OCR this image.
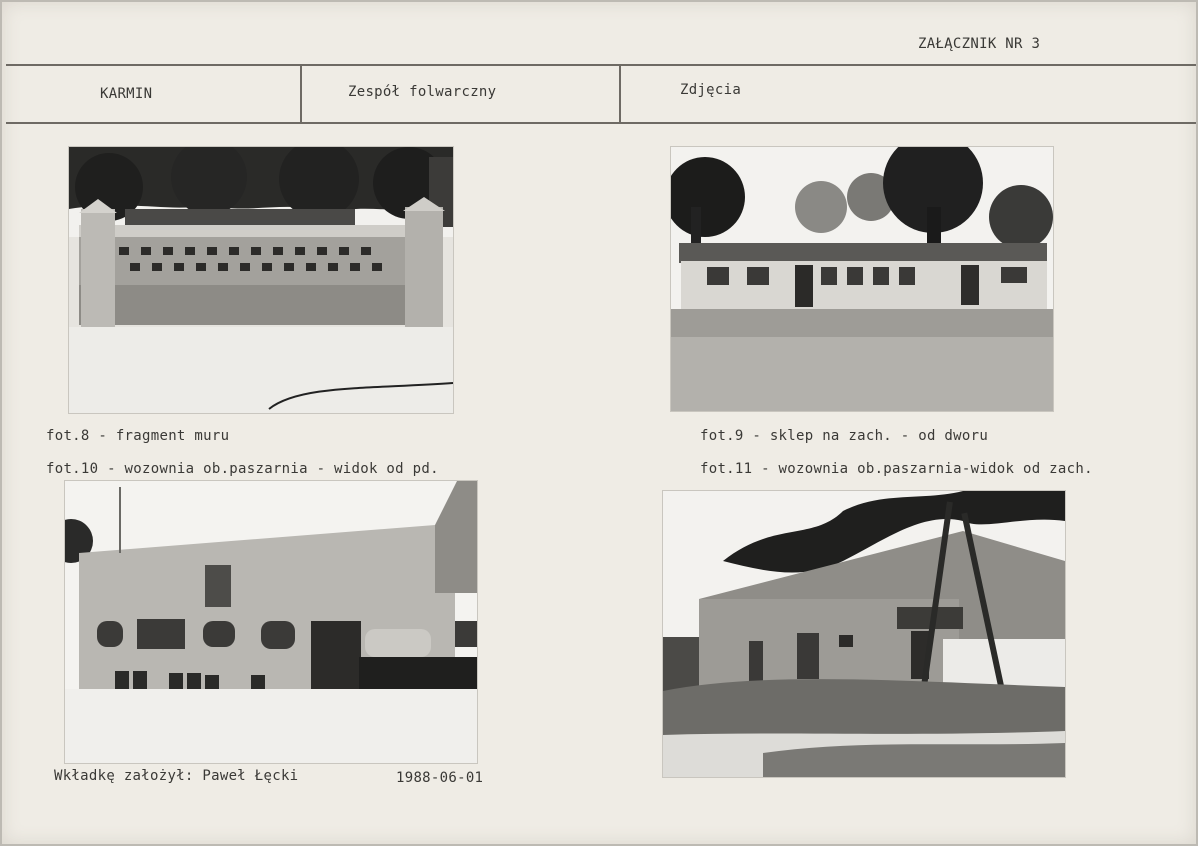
ZAŁĄCZNIK NR 3
KARMIN	Zespół folwarczny	Zdjęcia
fot.8 - fragment muru	fot.9 - sklep na zach. - od dworu
fot.10 - wozownia ob.paszarnia - widok od pd.	fot.11 - wozownia ob.paszarnia-widok od zach.
Wkładkę założył: Paweł Łęcki	1988-06-01
